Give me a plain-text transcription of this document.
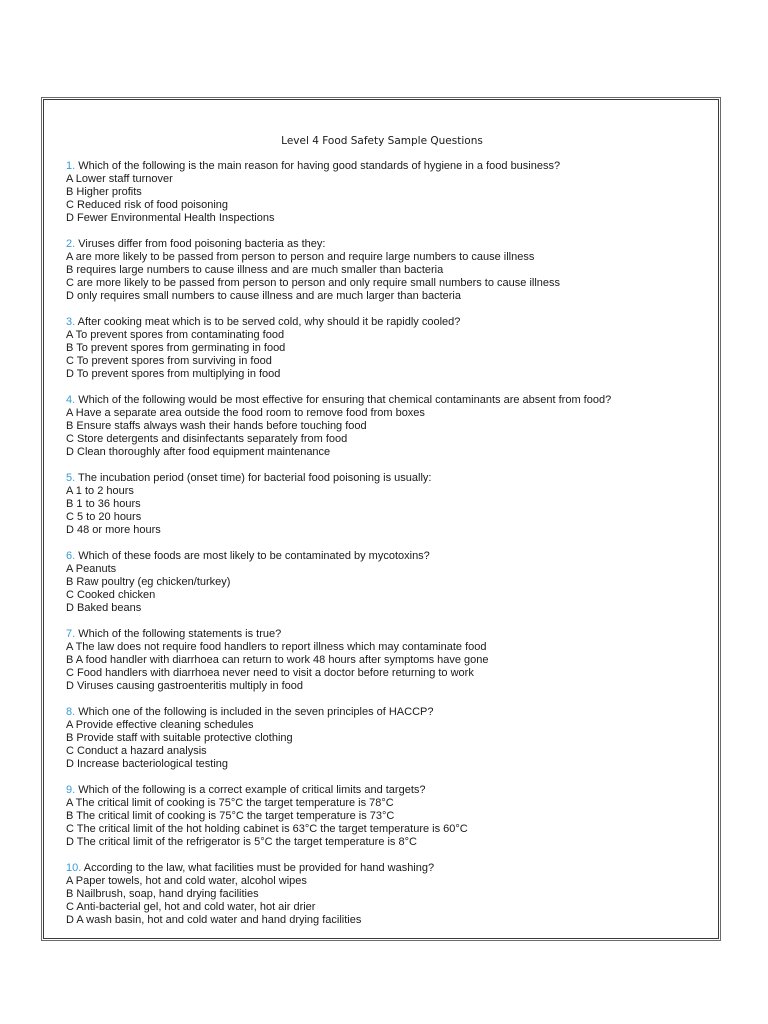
Level 4 Food Safety Sample Questions
1. Which of the following is the main reason for having good standards of hygiene in a food business?
A Lower staff turnover
B Higher profits
C Reduced risk of food poisoning
D Fewer Environmental Health Inspections
2. Viruses differ from food poisoning bacteria as they:
A are more likely to be passed from person to person and require large numbers to cause illness
B requires large numbers to cause illness and are much smaller than bacteria
C are more likely to be passed from person to person and only require small numbers to cause illness
D only requires small numbers to cause illness and are much larger than bacteria
3. After cooking meat which is to be served cold, why should it be rapidly cooled?
A To prevent spores from contaminating food
B To prevent spores from germinating in food
C To prevent spores from surviving in food
D To prevent spores from multiplying in food
4. Which of the following would be most effective for ensuring that chemical contaminants are absent from food?
A Have a separate area outside the food room to remove food from boxes
B Ensure staffs always wash their hands before touching food
C Store detergents and disinfectants separately from food
D Clean thoroughly after food equipment maintenance
5. The incubation period (onset time) for bacterial food poisoning is usually:
A 1 to 2 hours
B 1 to 36 hours
C 5 to 20 hours
D 48 or more hours
6. Which of these foods are most likely to be contaminated by mycotoxins?
A Peanuts
B Raw poultry (eg chicken/turkey)
C Cooked chicken
D Baked beans
7. Which of the following statements is true?
A The law does not require food handlers to report illness which may contaminate food
B A food handler with diarrhoea can return to work 48 hours after symptoms have gone
C Food handlers with diarrhoea never need to visit a doctor before returning to work
D Viruses causing gastroenteritis multiply in food
8. Which one of the following is included in the seven principles of HACCP?
A Provide effective cleaning schedules
B Provide staff with suitable protective clothing
C Conduct a hazard analysis
D Increase bacteriological testing
9. Which of the following is a correct example of critical limits and targets?
A The critical limit of cooking is 75°C the target temperature is 78°C
B The critical limit of cooking is 75°C the target temperature is 73°C
C The critical limit of the hot holding cabinet is 63°C the target temperature is 60°C
D The critical limit of the refrigerator is 5°C the target temperature is 8°C
10. According to the law, what facilities must be provided for hand washing?
A Paper towels, hot and cold water, alcohol wipes
B Nailbrush, soap, hand drying facilities
C Anti-bacterial gel, hot and cold water, hot air drier
D A wash basin, hot and cold water and hand drying facilities
